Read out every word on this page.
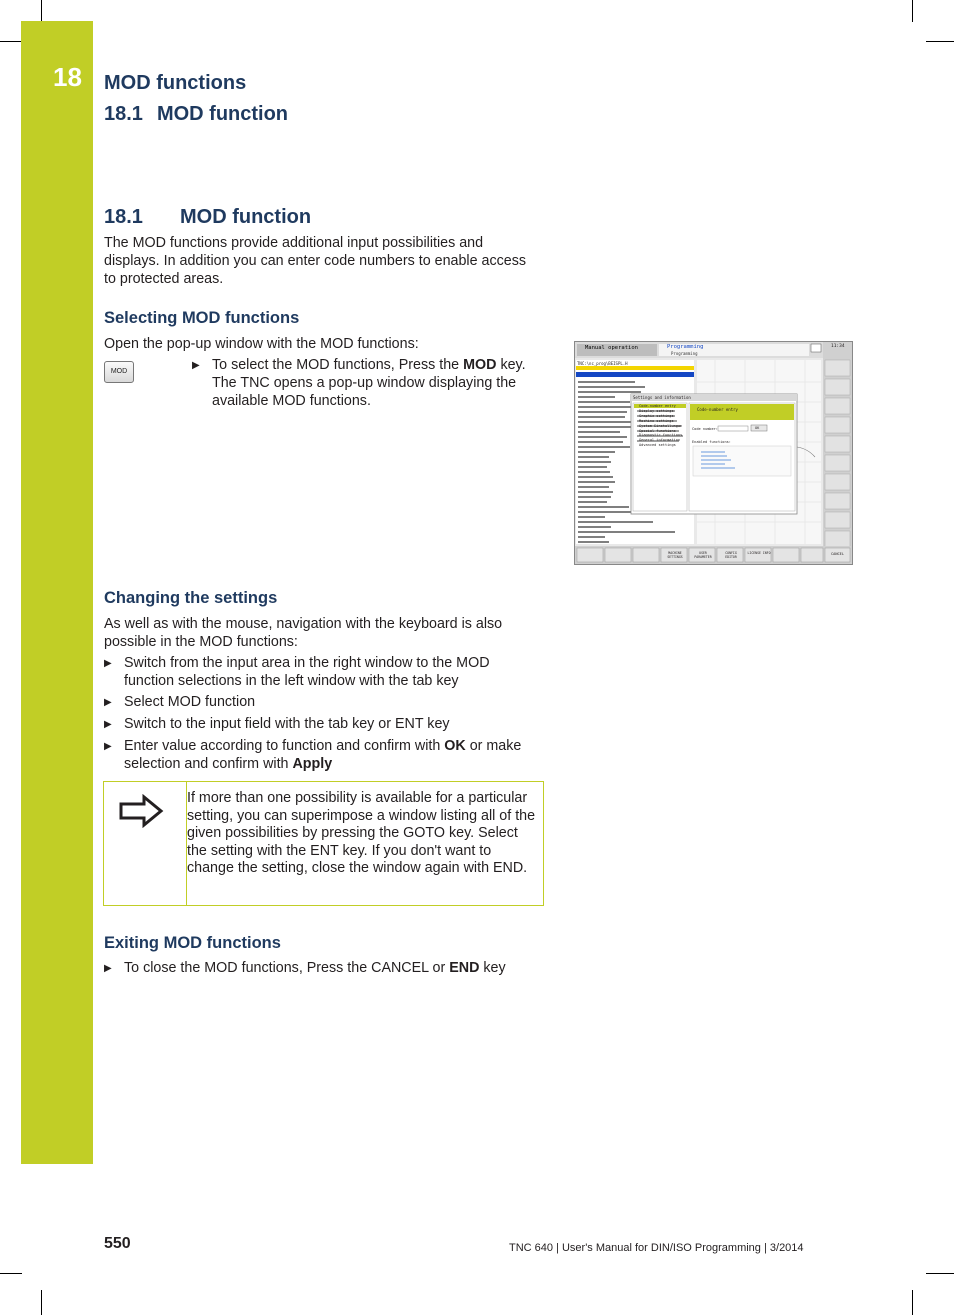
18 MOD functions
18.1 MOD function
18.1 MOD function
The MOD functions provide additional input possibilities and displays. In addition you can enter code numbers to enable access to protected areas.
Selecting MOD functions
Open the pop-up window with the MOD functions:
MOD
▶ To select the MOD functions, Press the MOD key. The TNC opens a pop-up window displaying the available MOD functions.
Manual operation	Programming
Programming
11:34
TNC:\nc_prog\BEISPL.H
Settings and information
Code-number entry
Display settings
Graphic settings
Machine settings
System Einstellungen
Special functions
Diagnostic functions
General information
Advanced settings
Code-number entry
Code number:	OK
Enabled functions:
MACHINE SETTINGS
USER PARAMETER
CONFIG EDITOR
LICENSE INFO	CANCEL
Changing the settings
As well as with the mouse, navigation with the keyboard is also possible in the MOD functions:
▶ Switch from the input area in the right window to the MOD function selections in the left window with the tab key
▶ Select MOD function
▶ Switch to the input field with the tab key or ENT key
▶ Enter value according to function and confirm with OK or make selection and confirm with Apply
If more than one possibility is available for a particular setting, you can superimpose a window listing all of the given possibilities by pressing the GOTO key. Select the setting with the ENT key. If you don't want to change the setting, close the window again with END.
Exiting MOD functions
▶ To close the MOD functions, Press the CANCEL or END key
550	TNC 640 | User's Manual for DIN/ISO Programming | 3/2014
